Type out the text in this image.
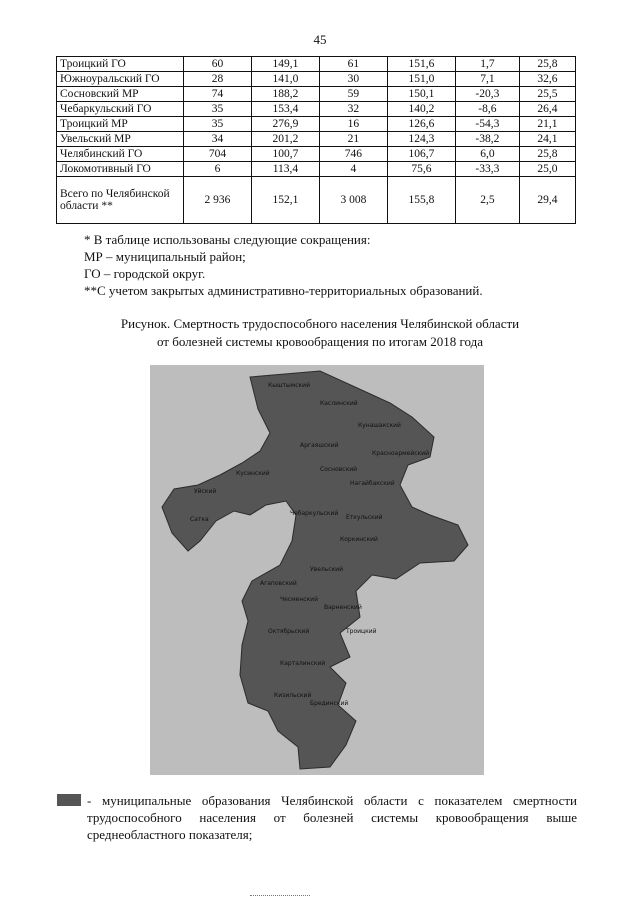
45
Троицкий ГО	60	149,1	61	151,6	1,7	25,8
Южноуральский ГО	28	141,0	30	151,0	7,1	32,6
Сосновский МР	74	188,2	59	150,1	-20,3	25,5
Чебаркульский ГО	35	153,4	32	140,2	-8,6	26,4
Троицкий МР	35	276,9	16	126,6	-54,3	21,1
Увельский МР	34	201,2	21	124,3	-38,2	24,1
Челябинский ГО	704	100,7	746	106,7	6,0	25,8
Локомотивный ГО	6	113,4	4	75,6	-33,3	25,0
Всего по Челябинской области **	2 936	152,1	3 008	155,8	2,5	29,4
* В таблице использованы следующие сокращения:
МР – муниципальный район;
ГО – городской округ.
**С учетом закрытых административно-территориальных образований.
Рисунок. Смертность трудоспособного населения Челябинской области
от болезней системы кровообращения по итогам 2018 года
Кыштымский
Каслинский
Кунашакский
Аргаяшский
Красноармейский
Сосновский
Уйский
Чебаркульский
Увельский
Коркинский
Еткульский
Троицкий
Октябрьский
Чесменский
Варненский
Карталинский
Брединский
Кизильский
Нагайбакский
Агаповский
Кусинский
Сатка
- муниципальные образования Челябинской области с показателем смертности трудоспособного населения от болезней системы кровообращения выше среднеобластного показателя;
